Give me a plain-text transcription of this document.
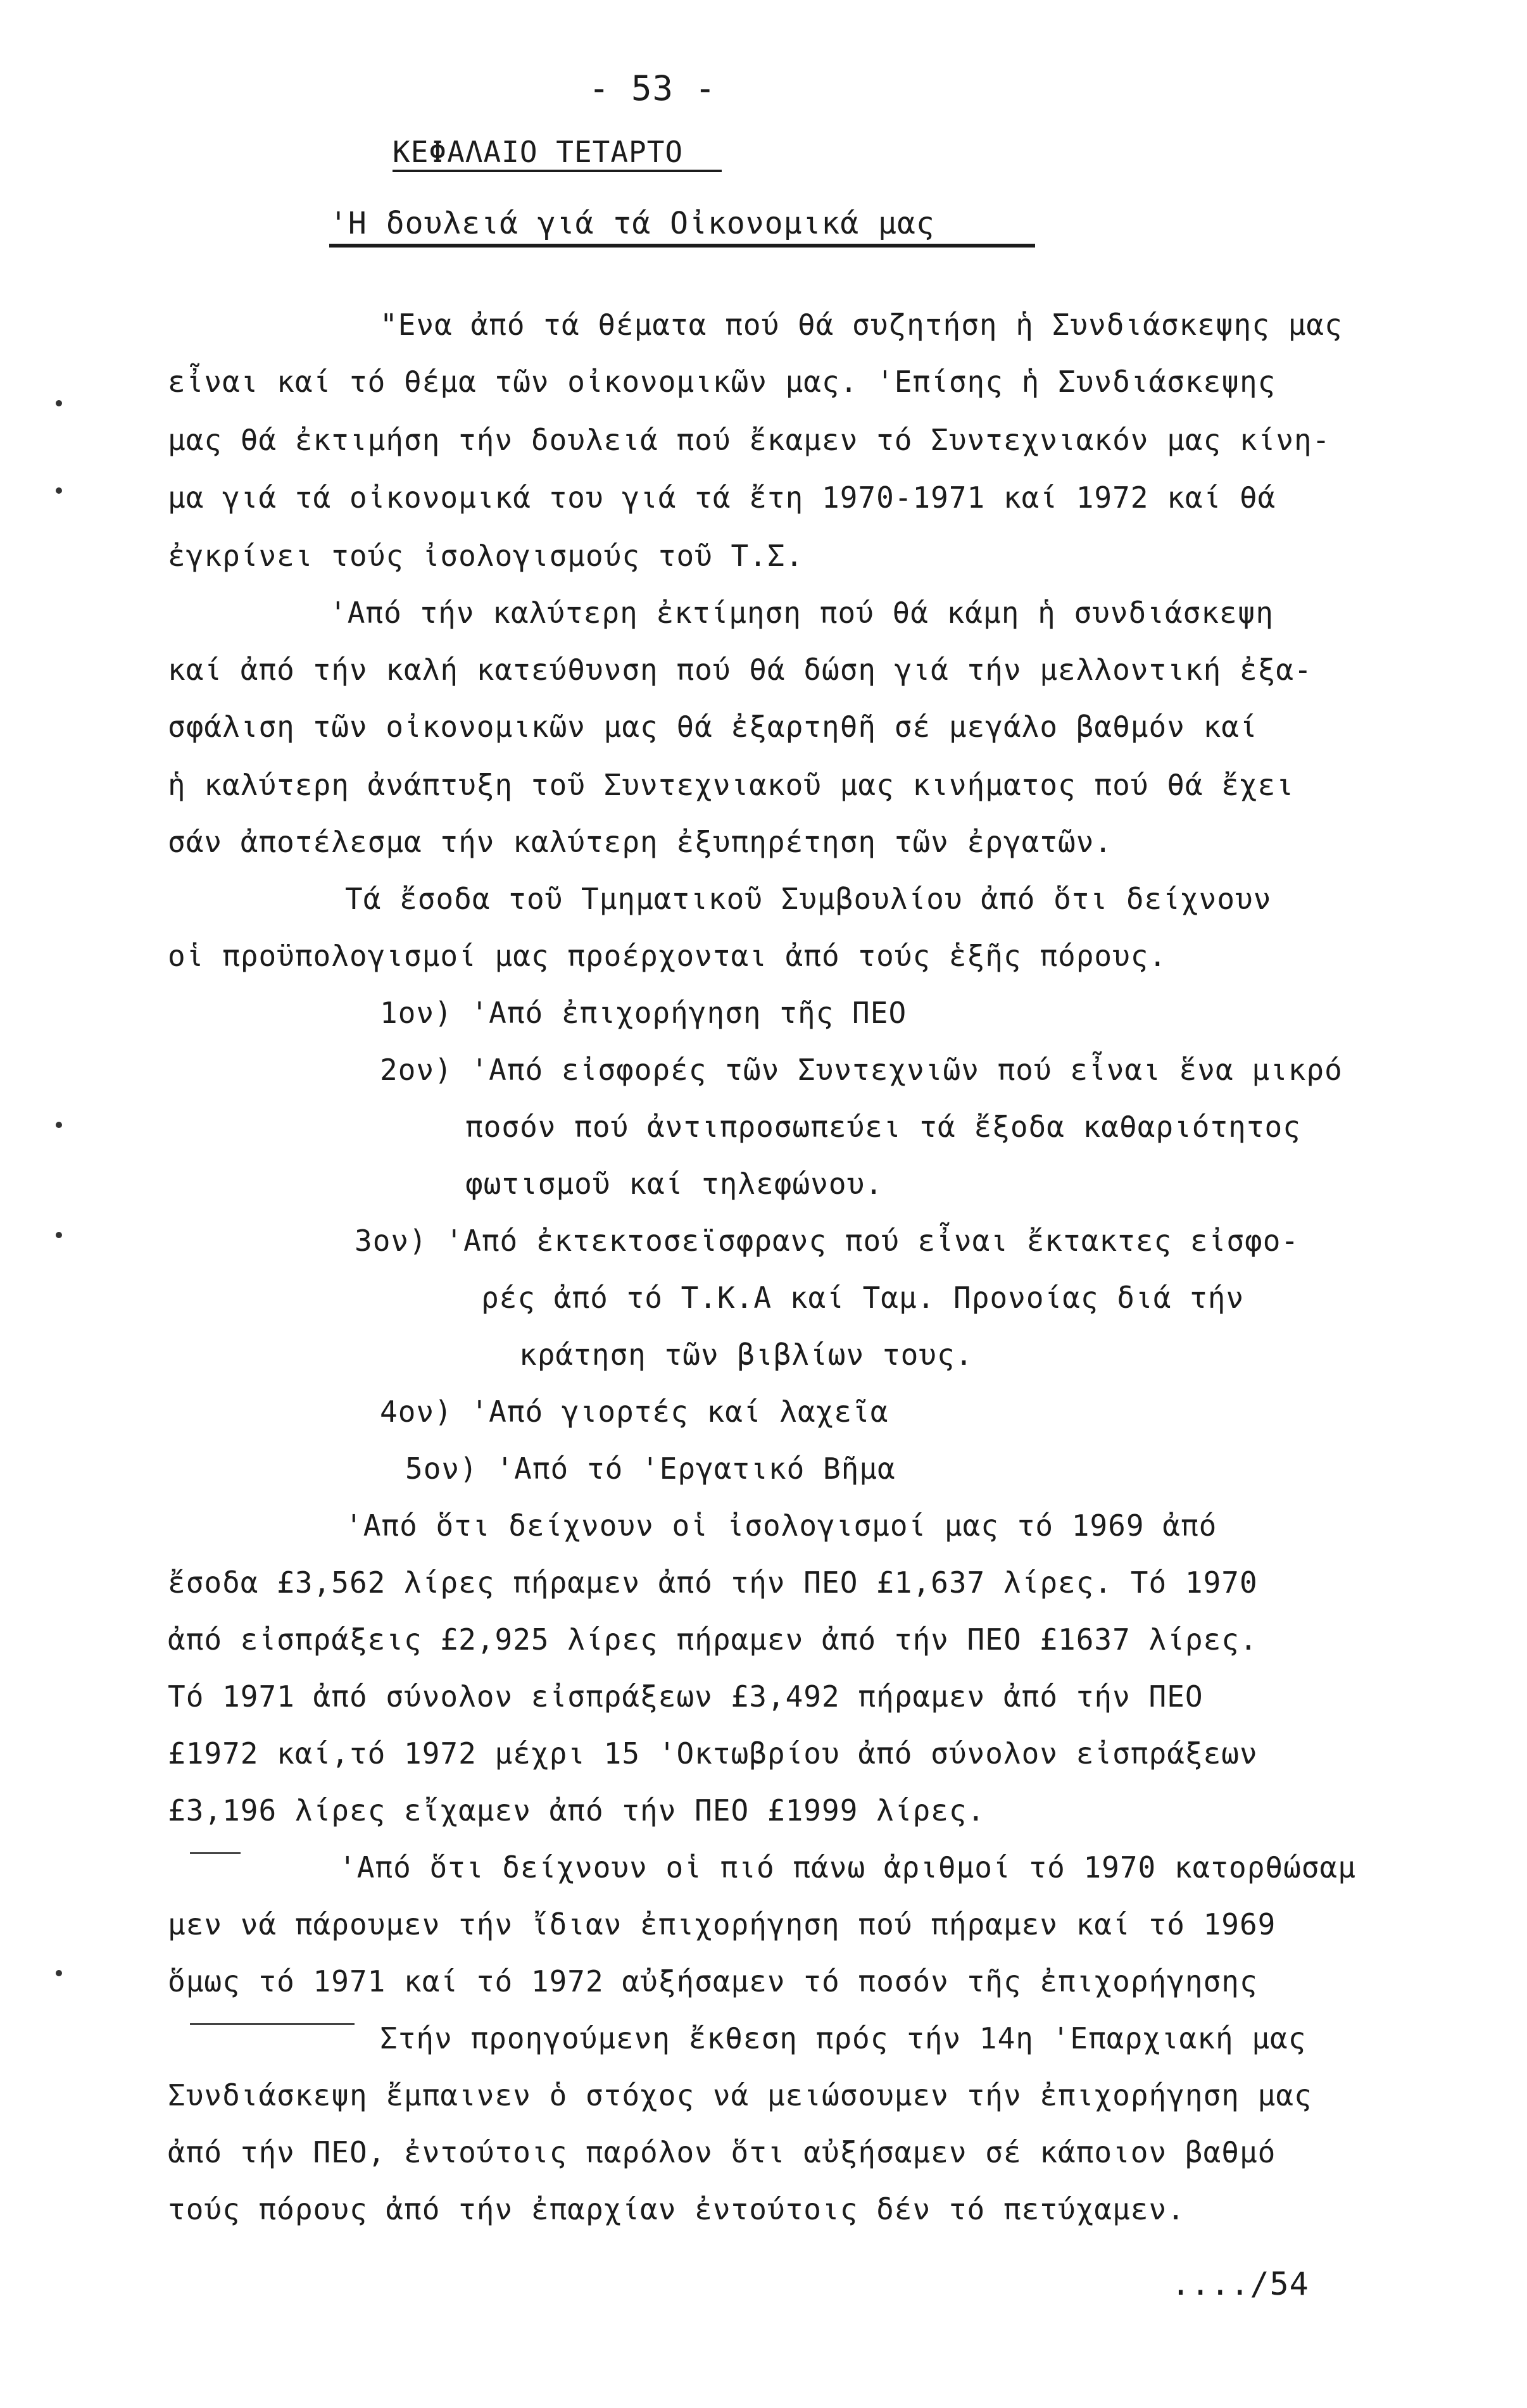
- 53 -
ΚΕΦΑΛΑΙΟ ΤΕΤΑΡΤΟ
'Η δουλειά γιά τά Οἰκονομικά μας
"Ενα ἀπό τά θέματα πού θά συζητήση ἡ Συνδιάσκεψης μας
εἶναι καί τό θέμα τῶν οἰκονομικῶν μας. 'Επίσης ἡ Συνδιάσκεψης
μας θά ἐκτιμήση τήν δουλειά πού ἔκαμεν τό Συντεχνιακόν μας κίνη-
μα γιά τά οἰκονομικά του γιά τά ἔτη 1970-1971 καί 1972 καί θά
ἐγκρίνει τούς ἰσολογισμούς τοῦ Τ.Σ.
'Από τήν καλύτερη ἐκτίμηση πού θά κάμη ἡ συνδιάσκεψη
καί ἀπό τήν καλή κατεύθυνση πού θά δώση γιά τήν μελλοντική ἐξα-
σφάλιση τῶν οἰκονομικῶν μας θά ἐξαρτηθῆ σέ μεγάλο βαθμόν καί
ἡ καλύτερη ἀνάπτυξη τοῦ Συντεχνιακοῦ μας κινήματος πού θά ἔχει
σάν ἀποτέλεσμα τήν καλύτερη ἐξυπηρέτηση τῶν ἐργατῶν.
Τά ἔσοδα τοῦ Τμηματικοῦ Συμβουλίου ἀπό ὅτι δείχνουν
οἱ προϋπολογισμοί μας προέρχονται ἀπό τούς ἑξῆς πόρους.
1ον) 'Από ἐπιχορήγηση τῆς ΠΕΟ
2ον) 'Από εἰσφορές τῶν Συντεχνιῶν πού εἶναι ἕνα μικρό
ποσόν πού ἀντιπροσωπεύει τά ἔξοδα καθαριότητος
φωτισμοῦ καί τηλεφώνου.
3ον) 'Από ἐκτεκτοσεϊσφρανς πού εἶναι ἔκτακτες εἰσφο-
ρές ἀπό τό Τ.Κ.Α καί Ταμ. Προνοίας διά τήν
κράτηση τῶν βιβλίων τους.
4ον) 'Από γιορτές καί λαχεῖα
5ον) 'Από τό 'Εργατικό Βῆμα
'Από ὅτι δείχνουν οἱ ἰσολογισμοί μας τό 1969 ἀπό
ἔσοδα £3,562 λίρες πήραμεν ἀπό τήν ΠΕΟ £1,637 λίρες. Τό 1970
ἀπό εἰσπράξεις £2,925 λίρες πήραμεν ἀπό τήν ΠΕΟ £1637 λίρες.
Τό 1971 ἀπό σύνολον εἰσπράξεων £3,492 πήραμεν ἀπό τήν ΠΕΟ
£1972 καί,τό 1972 μέχρι 15 'Οκτωβρίου ἀπό σύνολον εἰσπράξεων
£3,196 λίρες εἴχαμεν ἀπό τήν ΠΕΟ £1999 λίρες.
'Από ὅτι δείχνουν οἱ πιό πάνω ἀριθμοί τό 1970 κατορθώσαμ
μεν νά πάρουμεν τήν ἴδιαν ἐπιχορήγηση πού πήραμεν καί τό 1969
ὅμως τό 1971 καί τό 1972 αὐξήσαμεν τό ποσόν τῆς ἐπιχορήγησης
Στήν προηγούμενη ἔκθεση πρός τήν 14η 'Επαρχιακή μας
Συνδιάσκεψη ἔμπαινεν ὁ στόχος νά μειώσουμεν τήν ἐπιχορήγηση μας
ἀπό τήν ΠΕΟ, ἐντούτοις παρόλον ὅτι αὐξήσαμεν σέ κάποιον βαθμό
τούς πόρους ἀπό τήν ἐπαρχίαν ἐντούτοις δέν τό πετύχαμεν.
..../54
